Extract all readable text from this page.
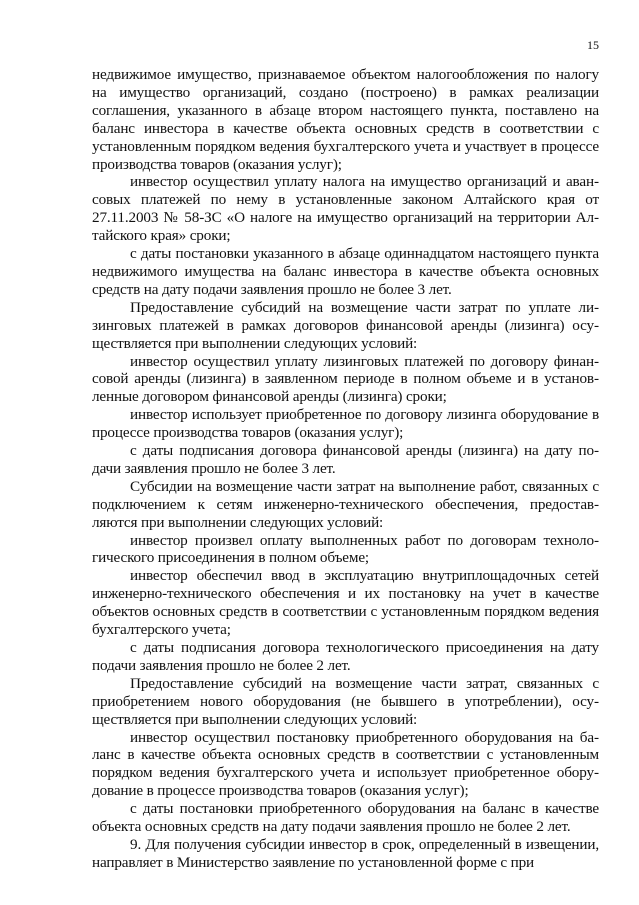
15

недвижимое имущество, признаваемое объектом налогообложения по налогу на имущество организаций, создано (построено) в рамках реализации соглашения, указанного в абзаце втором настоящего пункта, поставлено на баланс инвестора в качестве объекта основных средств в соответствии с установленным порядком ведения бухгалтерского учета и участвует в процессе производства товаров (оказания услуг);

инвестор осуществил уплату налога на имущество организаций и авансовых платежей по нему в установленные законом Алтайского края от 27.11.2003 № 58-ЗС «О налоге на имущество организаций на территории Алтайского края» сроки;

с даты постановки указанного в абзаце одиннадцатом настоящего пункта недвижимого имущества на баланс инвестора в качестве объекта основных средств на дату подачи заявления прошло не более 3 лет.

Предоставление субсидий на возмещение части затрат по уплате лизинговых платежей в рамках договоров финансовой аренды (лизинга) осуществляется при выполнении следующих условий:

инвестор осуществил уплату лизинговых платежей по договору финансовой аренды (лизинга) в заявленном периоде в полном объеме и в установленные договором финансовой аренды (лизинга) сроки;

инвестор использует приобретенное по договору лизинга оборудование в процессе производства товаров (оказания услуг);

с даты подписания договора финансовой аренды (лизинга) на дату подачи заявления прошло не более 3 лет.

Субсидии на возмещение части затрат на выполнение работ, связанных с подключением к сетям инженерно-технического обеспечения, предоставляются при выполнении следующих условий:

инвестор произвел оплату выполненных работ по договорам технологического присоединения в полном объеме;

инвестор обеспечил ввод в эксплуатацию внутриплощадочных сетей инженерно-технического обеспечения и их постановку на учет в качестве объектов основных средств в соответствии с установленным порядком ведения бухгалтерского учета;

с даты подписания договора технологического присоединения на дату подачи заявления прошло не более 2 лет.

Предоставление субсидий на возмещение части затрат, связанных с приобретением нового оборудования (не бывшего в употреблении), осуществляется при выполнении следующих условий:

инвестор осуществил постановку приобретенного оборудования на баланс в качестве объекта основных средств в соответствии с установленным порядком ведения бухгалтерского учета и использует приобретенное оборудование в процессе производства товаров (оказания услуг);

с даты постановки приобретенного оборудования на баланс в качестве объекта основных средств на дату подачи заявления прошло не более 2 лет.

9. Для получения субсидии инвестор в срок, определенный в извещении, направляет в Министерство заявление по установленной форме с при
